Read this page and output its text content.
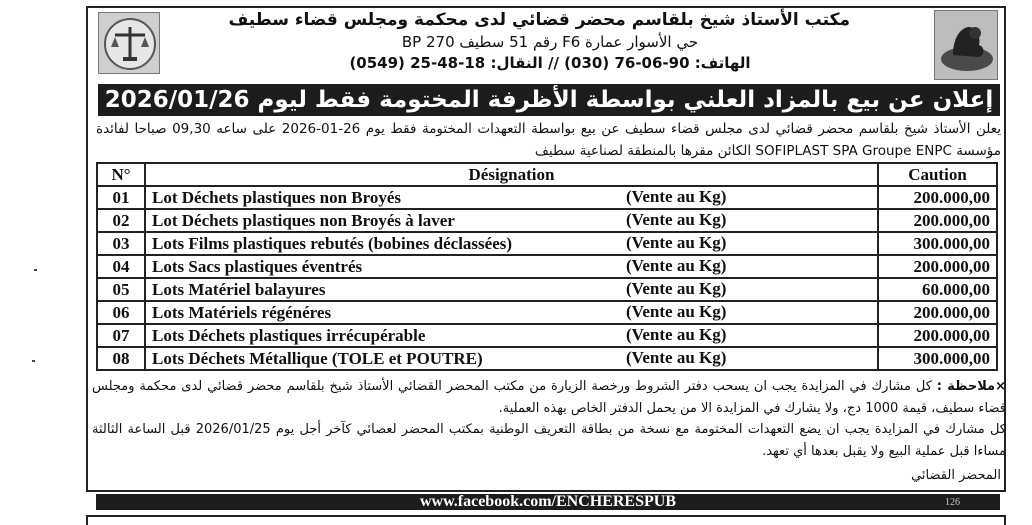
مكتب الأستاذ شيخ بلقاسم محضر قضائي لدى محكمة ومجلس قضاء سطيف
حي الأسوار عمارة F6 رقم 51 سطيف BP 270
الهاتف: 90-06-76 (030) // النقال: 18-48-25 (0549)
إعلان عن بيع بالمزاد العلني بواسطة الأظرفة المختومة فقط ليوم 2026/01/26
يعلن الأستاذ شيخ بلقاسم محضر قضائي لدى مجلس قضاء سطيف عن بيع بواسطة التعهدات المختومة فقط يوم 26-01-2026 على ساعه 09,30 صباحا لفائدة مؤسسة SOFIPLAST SPA Groupe ENPC الكائن مقرها بالمنطقة لصناعية سطيف
N°	Désignation	Caution
01	Lot Déchets plastiques non Broyés (Vente au Kg)	200.000,00
02	Lot Déchets plastiques non Broyés à laver (Vente au Kg)	200.000,00
03	Lots Films plastiques rebutés (bobines déclassées) (Vente au Kg)	300.000,00
04	Lots Sacs plastiques éventrés (Vente au Kg)	200.000,00
05	Lots Matériel balayures (Vente au Kg)	60.000,00
06	Lots Matériels régénéres (Vente au Kg)	200.000,00
07	Lots Déchets plastiques irrécupérable (Vente au Kg)	200.000,00
08	Lots Déchets Métallique (TOLE et POUTRE) (Vente au Kg)	300.000,00
×ملاحظة : كل مشارك في المزايدة يجب ان يسحب دفتر الشروط ورخصة الزيارة من مكتب المحضر القضائي الأستاذ شيخ بلقاسم محضر قضائي لدى محكمة ومجلس قضاء سطيف، قيمة 1000 دج، ولا يشارك في المزايدة الا من يحمل الدفتر الخاص بهذه العملية.
كل مشارك في المزايدة يجب ان يضع التعهدات المختومة مع نسخة من بطاقة التعريف الوطنية بمكتب المحضر لعصائي كآخر أجل يوم 2026/01/25 قبل الساعة الثالثة مساءا قبل عملية البيع ولا يقبل بعدها أي تعهد.
المحضر القضائي
www.facebook.com/ENCHERESPUB	126
